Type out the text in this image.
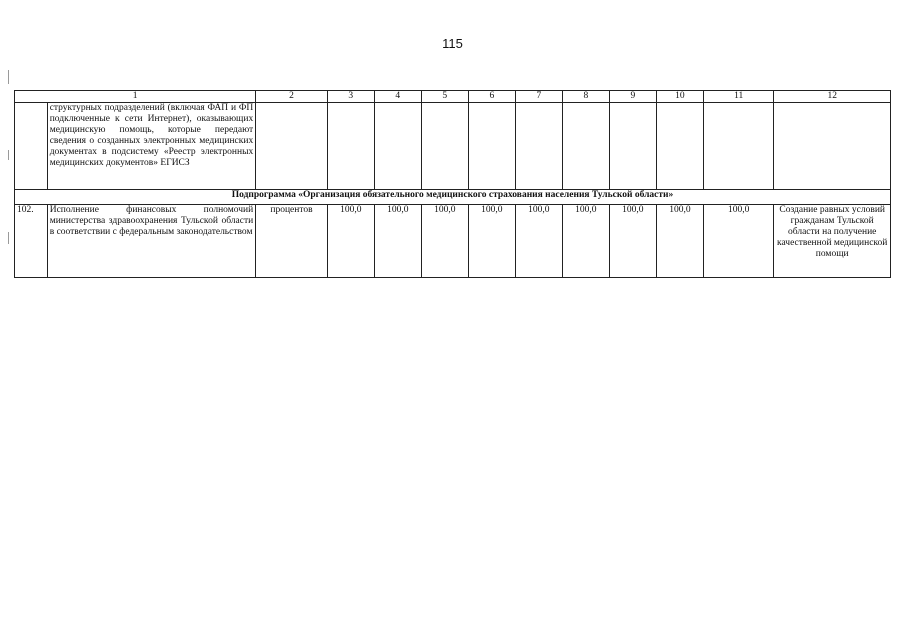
115
1		2	3	4	5	6	7	8	9	10	11	12
	структурных подразделений (включая ФАП и ФП подключенные к сети Интернет), оказывающих медицинскую помощь, которые передают сведения о созданных электронных медицинских документах в подсистему «Реестр электронных медицинских документов» ЕГИСЗ											
Подпрограмма «Организация обязательного медицинского страхования населения Тульской области»												
102.	Исполнение финансовых полномочий министерства здравоохранения Тульской области в соответствии с федеральным законодательством	процентов	100,0	100,0	100,0	100,0	100,0	100,0	100,0	100,0	100,0	Создание равных условий гражданам Тульской области на получение качественной медицинской помощи
